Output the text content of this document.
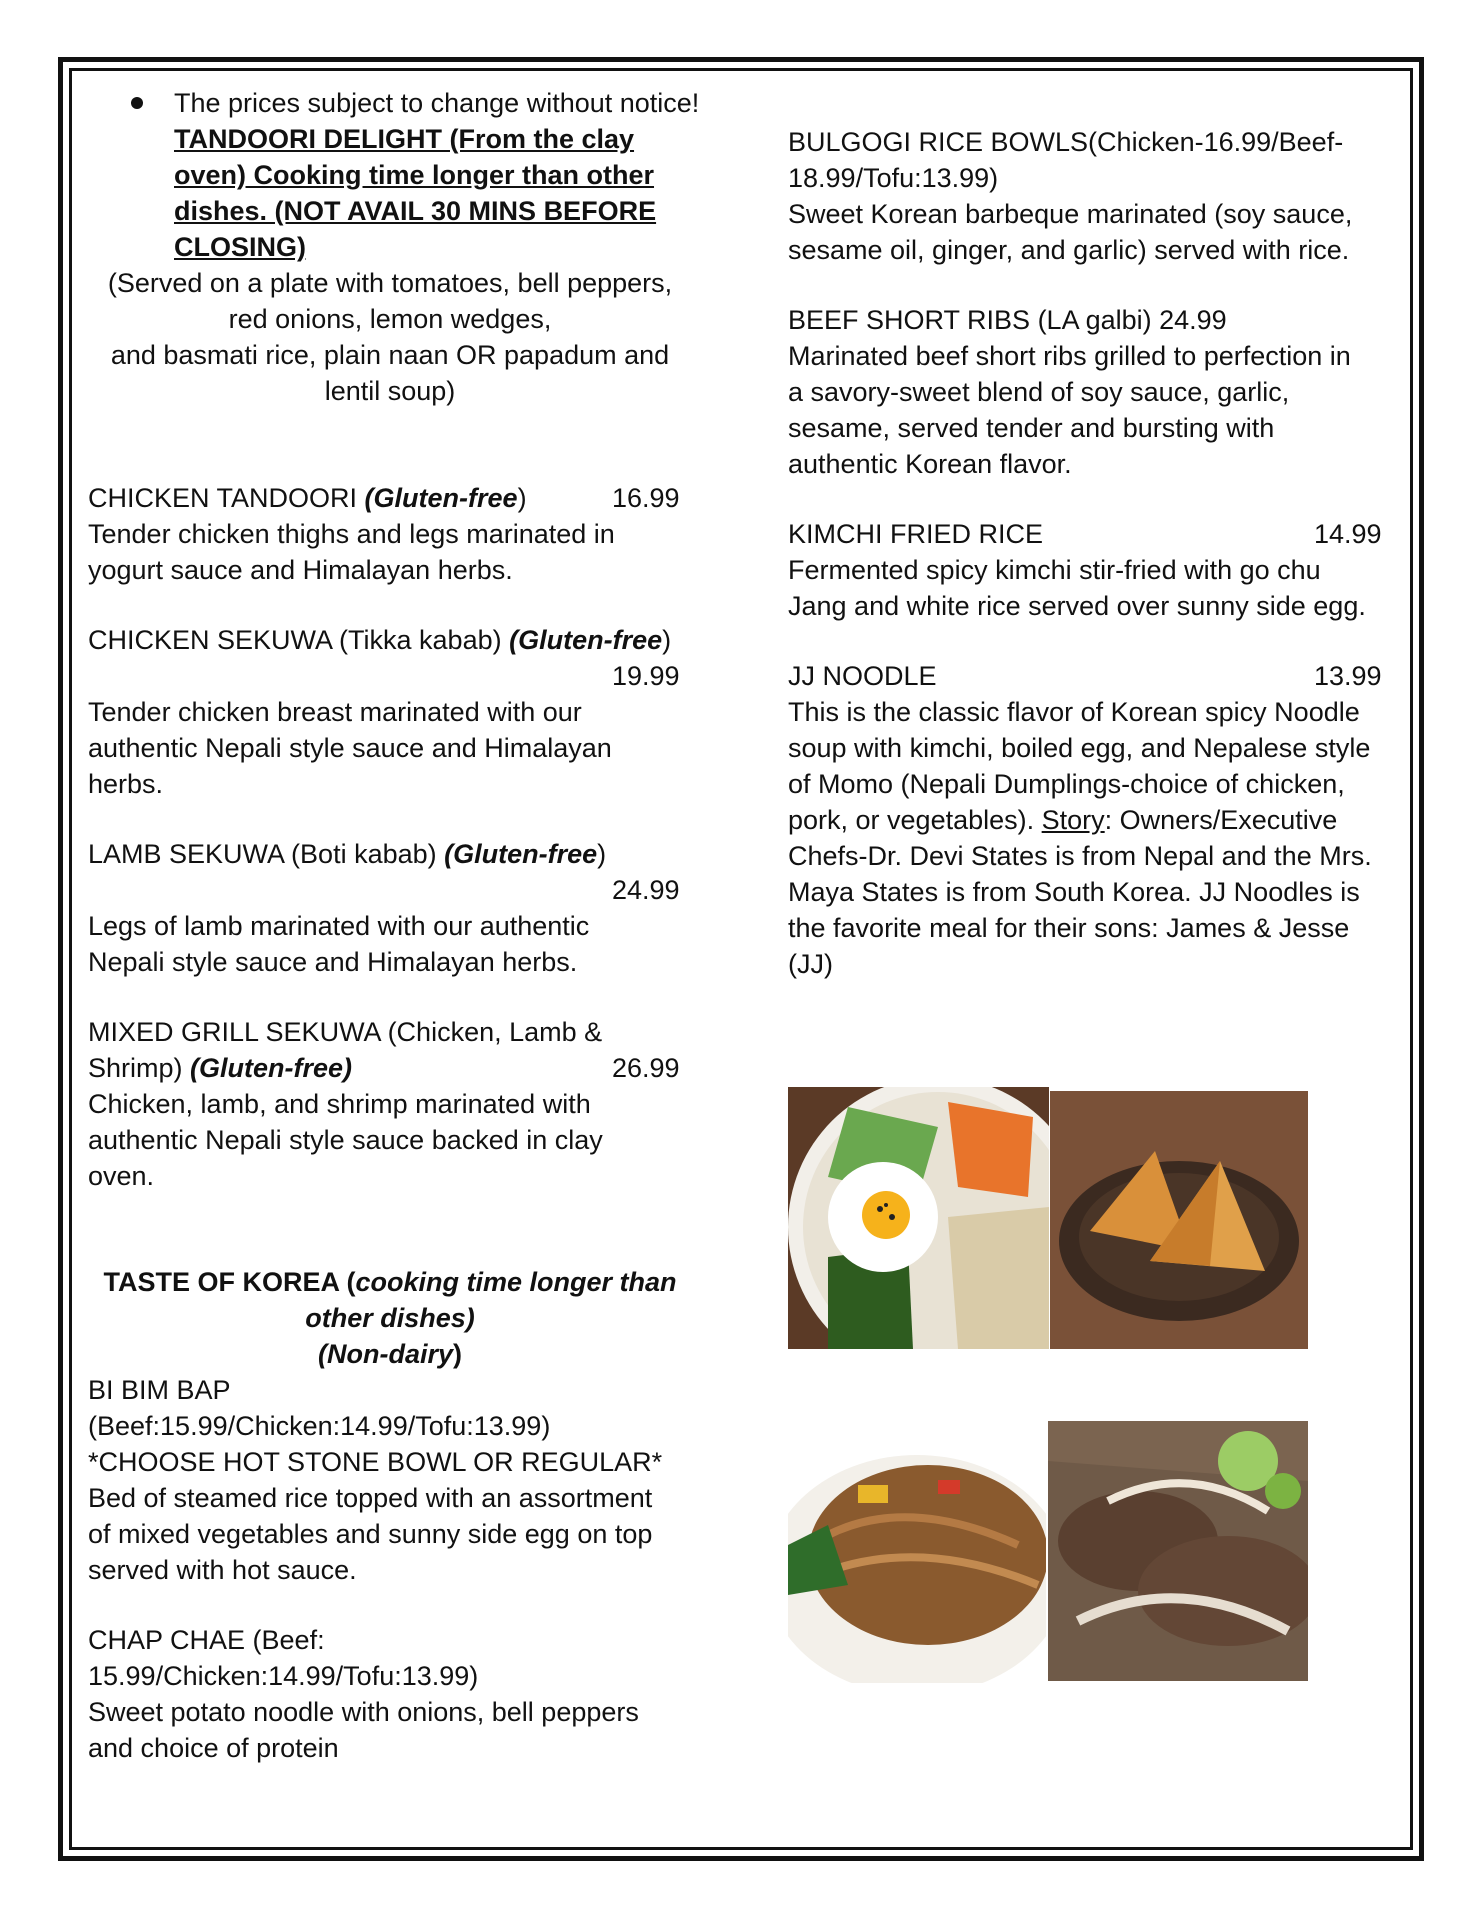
The prices subject to change without notice!
TANDOORI DELIGHT (From the clay
oven) Cooking time longer than other
dishes. (NOT AVAIL 30 MINS BEFORE
CLOSING)
(Served on a plate with tomatoes, bell peppers,
red onions, lemon wedges,
and basmati rice, plain naan OR papadum and
lentil soup)
CHICKEN TANDOORI (Gluten-free)	16.99
Tender chicken thighs and legs marinated in
yogurt sauce and Himalayan herbs.
CHICKEN SEKUWA (Tikka kabab) (Gluten-free)
19.99
Tender chicken breast marinated with our
authentic Nepali style sauce and Himalayan
herbs.
LAMB SEKUWA (Boti kabab) (Gluten-free)
24.99
Legs of lamb marinated with our authentic
Nepali style sauce and Himalayan herbs.
MIXED GRILL SEKUWA (Chicken, Lamb &
Shrimp) (Gluten-free)	26.99
Chicken, lamb, and shrimp marinated with
authentic Nepali style sauce backed in clay
oven.
TASTE OF KOREA (cooking time longer than
other dishes)
(Non-dairy)
BI BIM BAP
(Beef:15.99/Chicken:14.99/Tofu:13.99)
*CHOOSE HOT STONE BOWL OR REGULAR*
Bed of steamed rice topped with an assortment
of mixed vegetables and sunny side egg on top
served with hot sauce.
CHAP CHAE (Beef:
15.99/Chicken:14.99/Tofu:13.99)
Sweet potato noodle with onions, bell peppers
and choice of protein
BULGOGI RICE BOWLS(Chicken-16.99/Beef-
18.99/Tofu:13.99)
Sweet Korean barbeque marinated (soy sauce,
sesame oil, ginger, and garlic) served with rice.
BEEF SHORT RIBS (LA galbi) 24.99
Marinated beef short ribs grilled to perfection in
a savory-sweet blend of soy sauce, garlic,
sesame, served tender and bursting with
authentic Korean flavor.
KIMCHI FRIED RICE	14.99
Fermented spicy kimchi stir-fried with go chu
Jang and white rice served over sunny side egg.
JJ NOODLE	13.99
This is the classic flavor of Korean spicy Noodle
soup with kimchi, boiled egg, and Nepalese style
of Momo (Nepali Dumplings-choice of chicken,
pork, or vegetables). Story: Owners/Executive
Chefs-Dr. Devi States is from Nepal and the Mrs.
Maya States is from South Korea. JJ Noodles is
the favorite meal for their sons: James & Jesse
(JJ)
